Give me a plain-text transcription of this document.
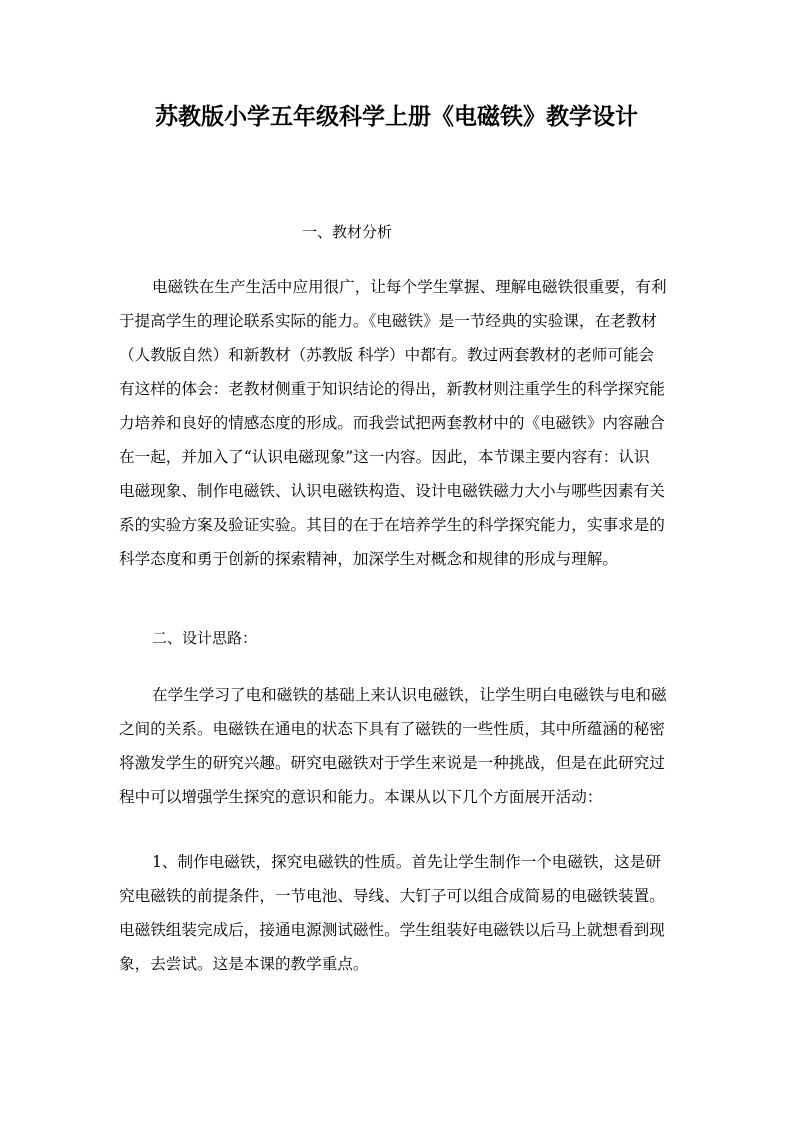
苏教版小学五年级科学上册《电磁铁》教学设计
一、教材分析
电磁铁在生产生活中应用很广，让每个学生掌握、理解电磁铁很重要，有利
于提高学生的理论联系实际的能力。《电磁铁》是一节经典的实验课，在老教材
（人教版自然）和新教材（苏教版 科学）中都有。教过两套教材的老师可能会
有这样的体会：老教材侧重于知识结论的得出，新教材则注重学生的科学探究能
力培养和良好的情感态度的形成。而我尝试把两套教材中的《电磁铁》内容融合
在一起，并加入了“认识电磁现象”这一内容。因此，本节课主要内容有：认识
电磁现象、制作电磁铁、认识电磁铁构造、设计电磁铁磁力大小与哪些因素有关
系的实验方案及验证实验。其目的在于在培养学生的科学探究能力，实事求是的
科学态度和勇于创新的探索精神，加深学生对概念和规律的形成与理解。
二、设计思路：
在学生学习了电和磁铁的基础上来认识电磁铁，让学生明白电磁铁与电和磁
之间的关系。电磁铁在通电的状态下具有了磁铁的一些性质，其中所蕴涵的秘密
将激发学生的研究兴趣。研究电磁铁对于学生来说是一种挑战，但是在此研究过
程中可以增强学生探究的意识和能力。本课从以下几个方面展开活动：
1、制作电磁铁，探究电磁铁的性质。首先让学生制作一个电磁铁，这是研
究电磁铁的前提条件，一节电池、导线、大钉子可以组合成简易的电磁铁装置。
电磁铁组装完成后，接通电源测试磁性。学生组装好电磁铁以后马上就想看到现
象，去尝试。这是本课的教学重点。
